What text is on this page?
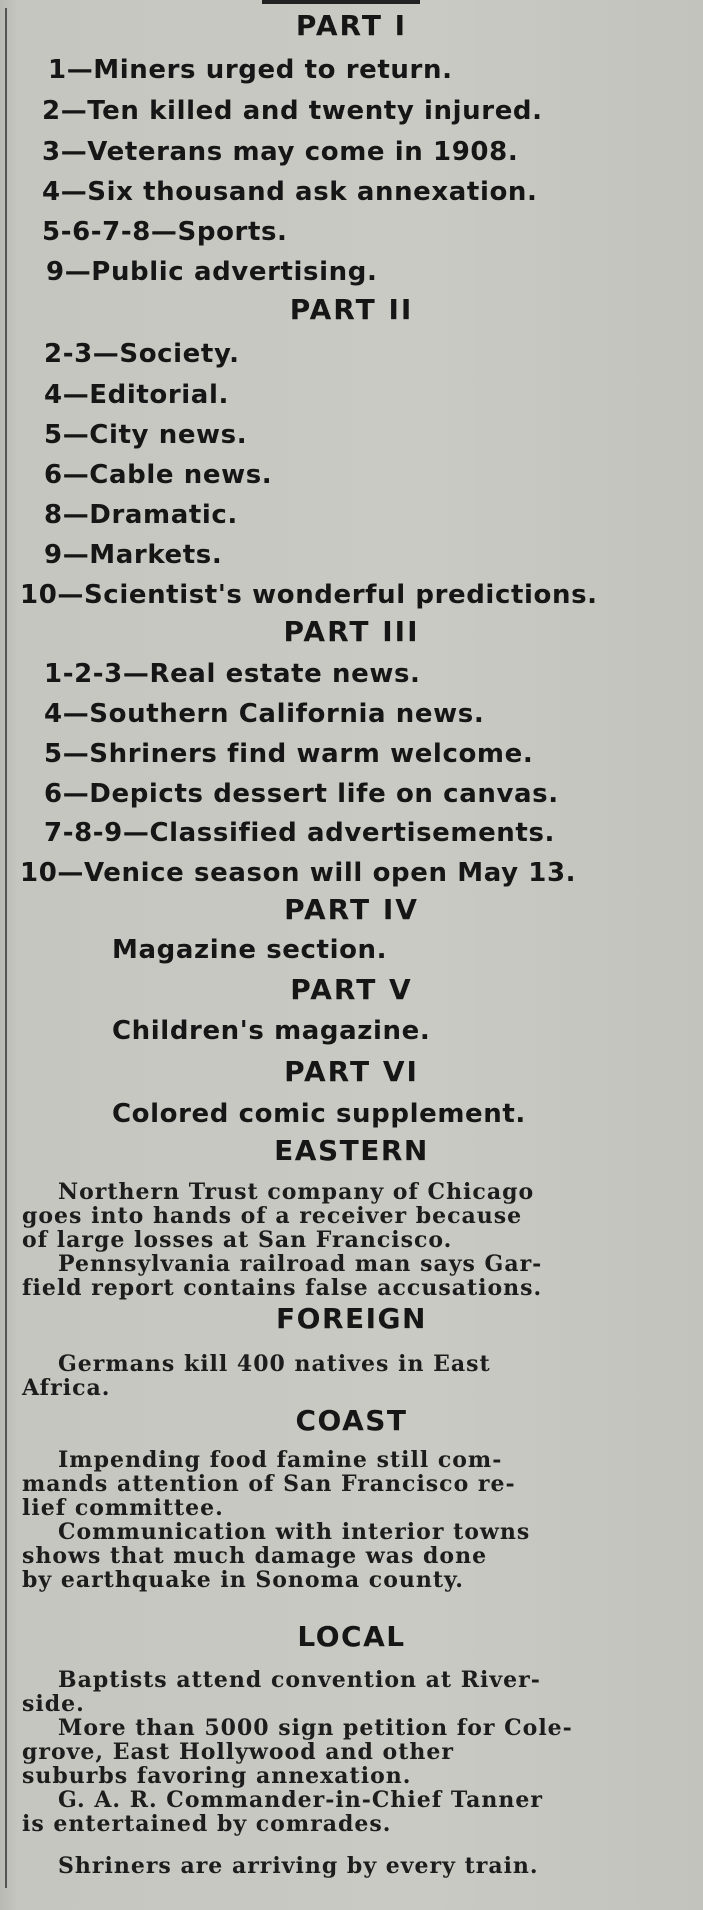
PART I
1—Miners urged to return.
2—Ten killed and twenty injured.
3—Veterans may come in 1908.
4—Six thousand ask annexation.
5-6-7-8—Sports.
9—Public advertising.
PART II
2-3—Society.
4—Editorial.
5—City news.
6—Cable news.
8—Dramatic.
9—Markets.
10—Scientist's wonderful predictions.
PART III
1-2-3—Real estate news.
4—Southern California news.
5—Shriners find warm welcome.
6—Depicts dessert life on canvas.
7-8-9—Classified advertisements.
10—Venice season will open May 13.
PART IV
Magazine section.
PART V
Children's magazine.
PART VI
Colored comic supplement.
EASTERN
Northern Trust company of Chicago
goes into hands of a receiver because
of large losses at San Francisco.
Pennsylvania railroad man says Gar-
field report contains false accusations.
FOREIGN
Germans kill 400 natives in East
Africa.
COAST
Impending food famine still com-
mands attention of San Francisco re-
lief committee.
Communication with interior towns
shows that much damage was done
by earthquake in Sonoma county.
LOCAL
Baptists attend convention at River-
side.
More than 5000 sign petition for Cole-
grove, East Hollywood and other
suburbs favoring annexation.
G. A. R. Commander-in-Chief Tanner
is entertained by comrades.
Shriners are arriving by every train.
